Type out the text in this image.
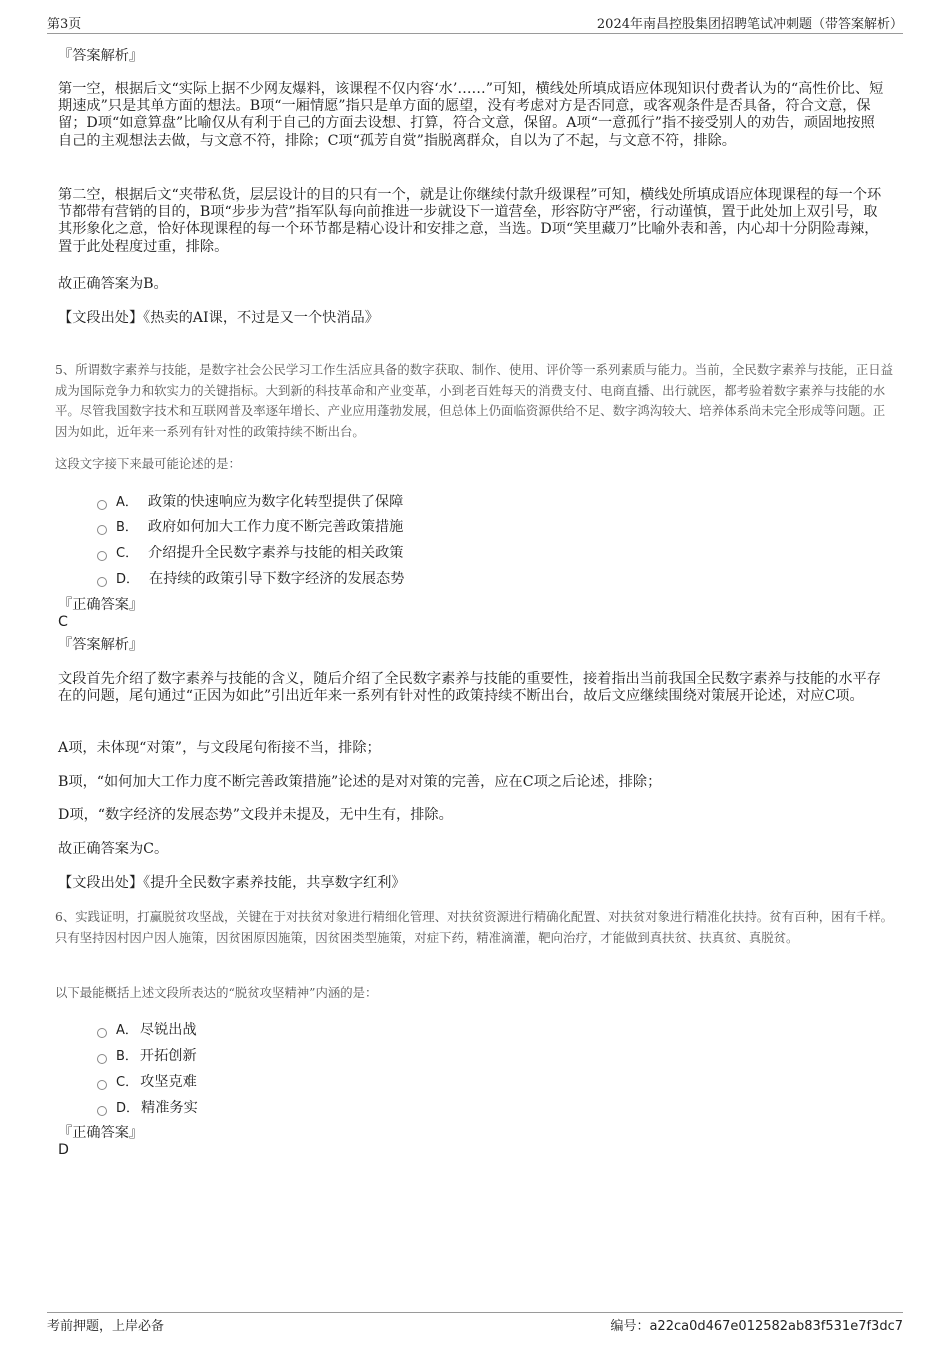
第3页	2024年南昌控股集团招聘笔试冲刺题（带答案解析）
『答案解析』
第一空，根据后文“实际上据不少网友爆料，该课程不仅内容‘水’……”可知，横线处所填成语应体现知识付费者认为的“高性价比、短期速成”只是其单方面的想法。B项“一厢情愿”指只是单方面的愿望，没有考虑对方是否同意，或客观条件是否具备，符合文意，保留；D项“如意算盘”比喻仅从有利于自己的方面去设想、打算，符合文意，保留。A项“一意孤行”指不接受别人的劝告，顽固地按照自己的主观想法去做，与文意不符，排除；C项“孤芳自赏”指脱离群众，自以为了不起，与文意不符，排除。
第二空，根据后文“夹带私货，层层设计的目的只有一个，就是让你继续付款升级课程”可知，横线处所填成语应体现课程的每一个环节都带有营销的目的，B项“步步为营”指军队每向前推进一步就设下一道营垒，形容防守严密，行动谨慎，置于此处加上双引号，取其形象化之意，恰好体现课程的每一个环节都是精心设计和安排之意，当选。D项“笑里藏刀”比喻外表和善，内心却十分阴险毒辣，置于此处程度过重，排除。
故正确答案为B。
【文段出处】《热卖的AI课，不过是又一个快消品》
5、所谓数字素养与技能，是数字社会公民学习工作生活应具备的数字获取、制作、使用、评价等一系列素质与能力。当前，全民数字素养与技能，正日益成为国际竞争力和软实力的关键指标。大到新的科技革命和产业变革，小到老百姓每天的消费支付、电商直播、出行就医，都考验着数字素养与技能的水平。尽管我国数字技术和互联网普及率逐年增长、产业应用蓬勃发展，但总体上仍面临资源供给不足、数字鸿沟较大、培养体系尚未完全形成等问题。正因为如此，近年来一系列有针对性的政策持续不断出台。
这段文字接下来最可能论述的是：
A． 政策的快速响应为数字化转型提供了保障
B． 政府如何加大工作力度不断完善政策措施
C． 介绍提升全民数字素养与技能的相关政策
D． 在持续的政策引导下数字经济的发展态势
『正确答案』
C
『答案解析』
文段首先介绍了数字素养与技能的含义，随后介绍了全民数字素养与技能的重要性，接着指出当前我国全民数字素养与技能的水平存在的问题，尾句通过“正因为如此”引出近年来一系列有针对性的政策持续不断出台，故后文应继续围绕对策展开论述，对应C项。
A项，未体现“对策”，与文段尾句衔接不当，排除；
B项，“如何加大工作力度不断完善政策措施”论述的是对对策的完善，应在C项之后论述，排除；
D项，“数字经济的发展态势”文段并未提及，无中生有，排除。
故正确答案为C。
【文段出处】《提升全民数字素养技能，共享数字红利》
6、实践证明，打赢脱贫攻坚战，关键在于对扶贫对象进行精细化管理、对扶贫资源进行精确化配置、对扶贫对象进行精准化扶持。贫有百种，困有千样。只有坚持因村因户因人施策，因贫困原因施策，因贫困类型施策，对症下药，精准滴灌，靶向治疗，才能做到真扶贫、扶真贫、真脱贫。
以下最能概括上述文段所表达的“脱贫攻坚精神”内涵的是：
A． 尽锐出战
B． 开拓创新
C． 攻坚克难
D． 精准务实
『正确答案』
D
考前押题，上岸必备	编号：a22ca0d467e012582ab83f531e7f3dc7
